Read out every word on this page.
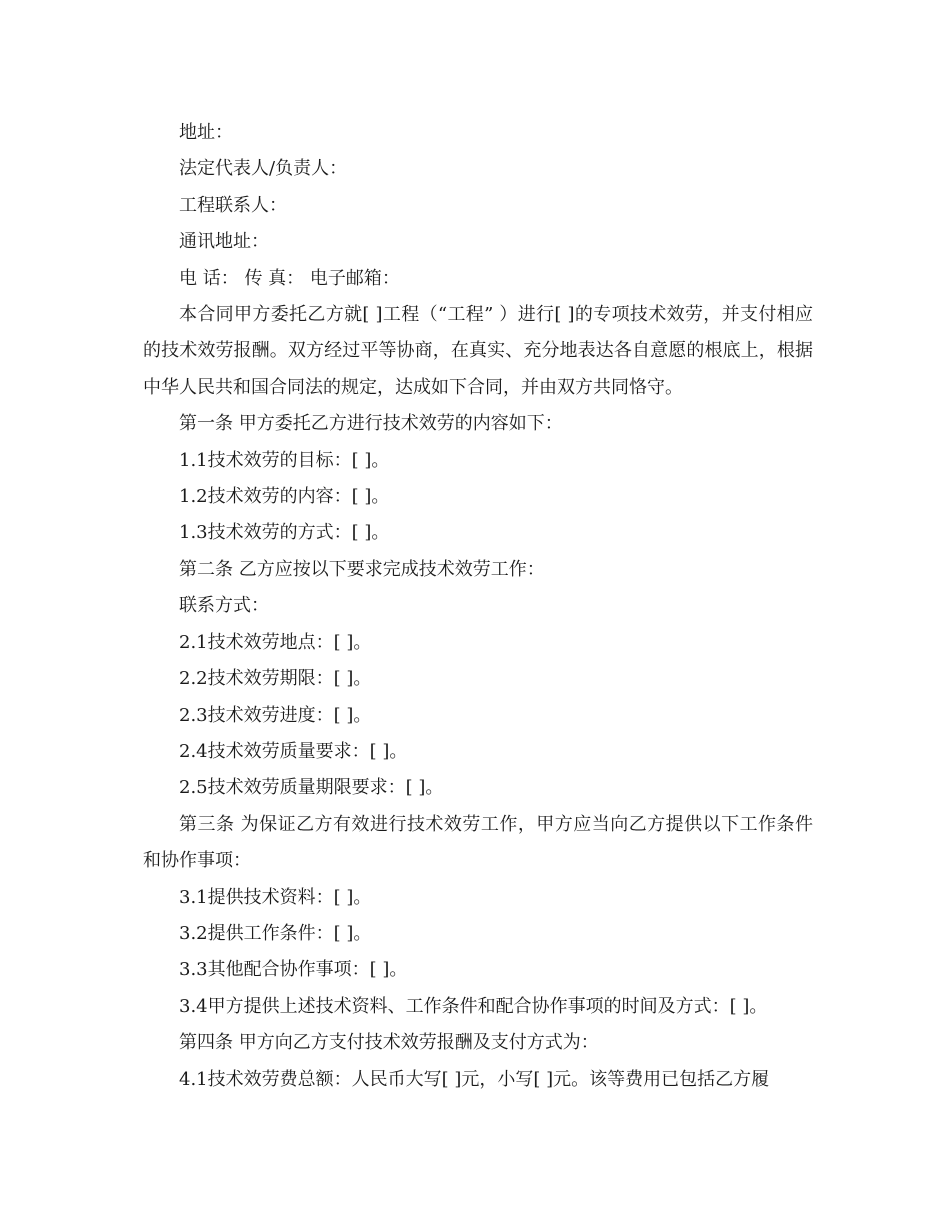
地址：

法定代表人/负责人：

工程联系人：

通讯地址：

电 话： 传 真： 电子邮箱：

本合同甲方委托乙方就[ ]工程（“工程” ）进行[ ]的专项技术效劳，并支付相应的技术效劳报酬。双方经过平等协商，在真实、充分地表达各自意愿的根底上，根据中华人民共和国合同法的规定，达成如下合同，并由双方共同恪守。

第一条 甲方委托乙方进行技术效劳的内容如下：

1.1技术效劳的目标：[ ]。

1.2技术效劳的内容：[ ]。

1.3技术效劳的方式：[ ]。

第二条 乙方应按以下要求完成技术效劳工作：

联系方式：

2.1技术效劳地点：[ ]。

2.2技术效劳期限：[ ]。

2.3技术效劳进度：[ ]。

2.4技术效劳质量要求：[ ]。

2.5技术效劳质量期限要求：[ ]。

第三条 为保证乙方有效进行技术效劳工作，甲方应当向乙方提供以下工作条件和协作事项：

3.1提供技术资料：[ ]。

3.2提供工作条件：[ ]。

3.3其他配合协作事项：[ ]。

3.4甲方提供上述技术资料、工作条件和配合协作事项的时间及方式：[ ]。

第四条 甲方向乙方支付技术效劳报酬及支付方式为：

4.1技术效劳费总额：人民币大写[ ]元，小写[ ]元。该等费用已包括乙方履
